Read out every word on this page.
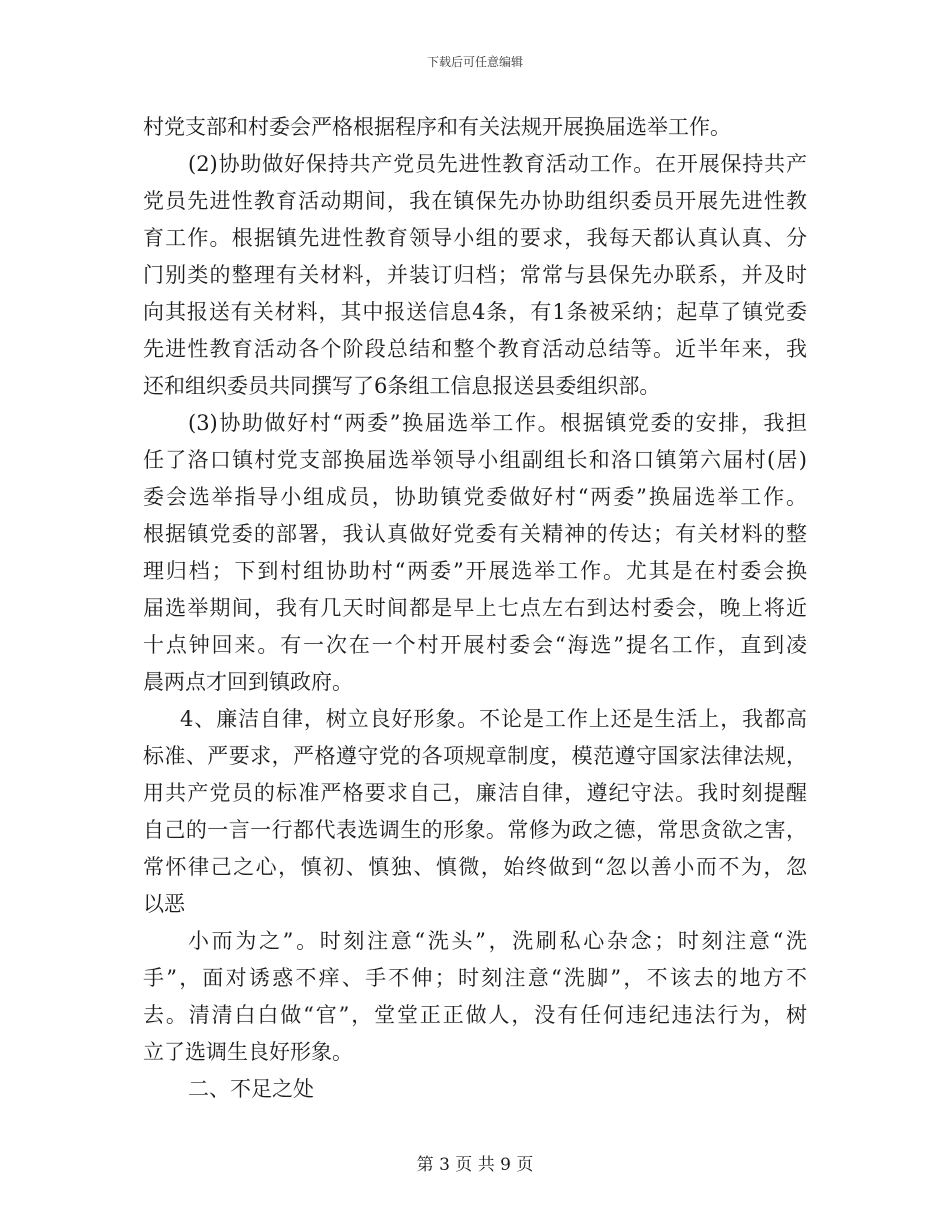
下载后可任意编辑
村党支部和村委会严格根据程序和有关法规开展换届选举工作。
(2)协助做好保持共产党员先进性教育活动工作。在开展保持共产
党员先进性教育活动期间，我在镇保先办协助组织委员开展先进性教
育工作。根据镇先进性教育领导小组的要求，我每天都认真认真、分
门别类的整理有关材料，并装订归档；常常与县保先办联系，并及时
向其报送有关材料，其中报送信息4条，有1条被采纳；起草了镇党委
先进性教育活动各个阶段总结和整个教育活动总结等。近半年来，我
还和组织委员共同撰写了6条组工信息报送县委组织部。
(3)协助做好村“两委”换届选举工作。根据镇党委的安排，我担
任了洛口镇村党支部换届选举领导小组副组长和洛口镇第六届村(居)
委会选举指导小组成员，协助镇党委做好村“两委”换届选举工作。
根据镇党委的部署，我认真做好党委有关精神的传达；有关材料的整
理归档；下到村组协助村“两委”开展选举工作。尤其是在村委会换
届选举期间，我有几天时间都是早上七点左右到达村委会，晚上将近
十点钟回来。有一次在一个村开展村委会“海选”提名工作，直到凌
晨两点才回到镇政府。
4、廉洁自律，树立良好形象。不论是工作上还是生活上，我都高
标准、严要求，严格遵守党的各项规章制度，模范遵守国家法律法规，
用共产党员的标准严格要求自己，廉洁自律，遵纪守法。我时刻提醒
自己的一言一行都代表选调生的形象。常修为政之德，常思贪欲之害，
常怀律己之心，慎初、慎独、慎微，始终做到“忽以善小而不为，忽
以恶
小而为之”。时刻注意“洗头”，洗刷私心杂念；时刻注意“洗
手”，面对诱惑不痒、手不伸；时刻注意“洗脚”，不该去的地方不
去。清清白白做“官”，堂堂正正做人，没有任何违纪违法行为，树
立了选调生良好形象。
二、不足之处
第 3 页 共 9 页
